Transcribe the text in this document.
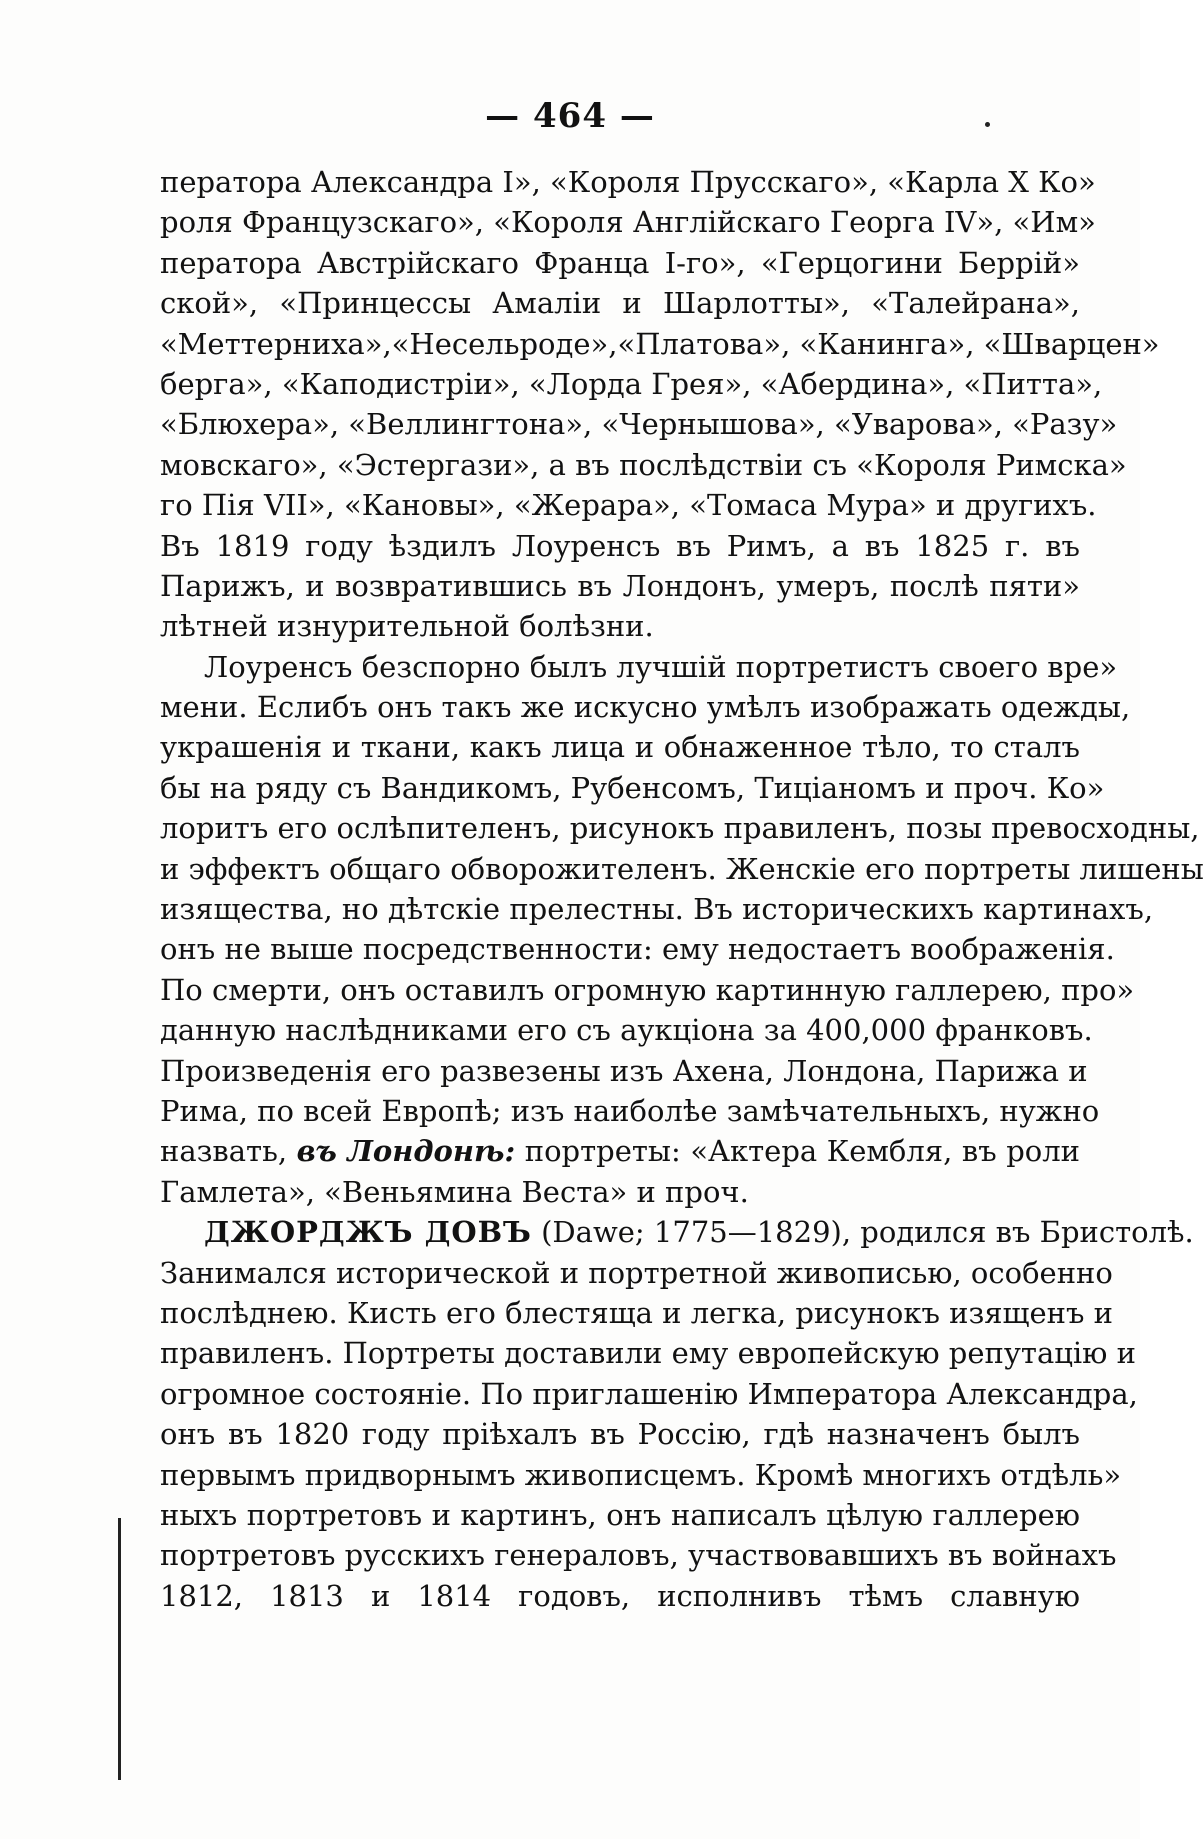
— 464 —
ператора Александра I», «Короля Прусскаго», «Карла X Ко»
роля Французскаго», «Короля Англійскаго Георга IV», «Им»
ператора Австрійскаго Франца I-го», «Герцогини Беррій»
ской», «Принцессы Амаліи и Шарлотты», «Талейрана»,
«Меттерниха»,«Несельроде»,«Платова», «Канинга», «Шварцен»
берга», «Каподистріи», «Лорда Грея», «Абердина», «Питта»,
«Блюхера», «Веллингтона», «Чернышова», «Уварова», «Разу»
мовскаго», «Эстергази», а въ послѣдствіи съ «Короля Римска»
го Пія VII», «Кановы», «Жерара», «Томаса Мура» и другихъ.
Въ 1819 году ѣздилъ Лоуренсъ въ Римъ, а въ 1825 г. въ
Парижъ, и возвратившись въ Лондонъ, умеръ, послѣ пяти»
лѣтней изнурительной болѣзни.
Лоуренсъ безспорно былъ лучшій портретистъ своего вре»
мени. Еслибъ онъ такъ же искусно умѣлъ изображать одежды,
украшенія и ткани, какъ лица и обнаженное тѣло, то сталъ
бы на ряду съ Вандикомъ, Рубенсомъ, Тиціаномъ и проч. Ко»
лоритъ его ослѣпителенъ, рисунокъ правиленъ, позы превосходны,
и эффектъ общаго обворожителенъ. Женскіе его портреты лишены
изящества, но дѣтскіе прелестны. Въ историческихъ картинахъ,
онъ не выше посредственности: ему недостаетъ воображенія.
По смерти, онъ оставилъ огромную картинную галлерею, про»
данную наслѣдниками его съ аукціона за 400,000 франковъ.
Произведенія его развезены изъ Ахена, Лондона, Парижа и
Рима, по всей Европѣ; изъ наиболѣе замѣчательныхъ, нужно
назвать, въ Лондонѣ: портреты: «Актера Кембля, въ роли
Гамлета», «Веньямина Веста» и проч.
ДЖОРДЖЪ ДОВЪ (Dawe; 1775—1829), родился въ Бристолѣ.
Занимался исторической и портретной живописью, особенно
послѣднею. Кисть его блестяща и легка, рисунокъ изященъ и
правиленъ. Портреты доставили ему европейскую репутацію и
огромное состояніе. По приглашенію Императора Александра,
онъ въ 1820 году пріѣхалъ въ Россію, гдѣ назначенъ былъ
первымъ придворнымъ живописцемъ. Кромѣ многихъ отдѣль»
ныхъ портретовъ и картинъ, онъ написалъ цѣлую галлерею
портретовъ русскихъ генераловъ, участвовавшихъ въ войнахъ
1812, 1813 и 1814 годовъ, исполнивъ тѣмъ славную
